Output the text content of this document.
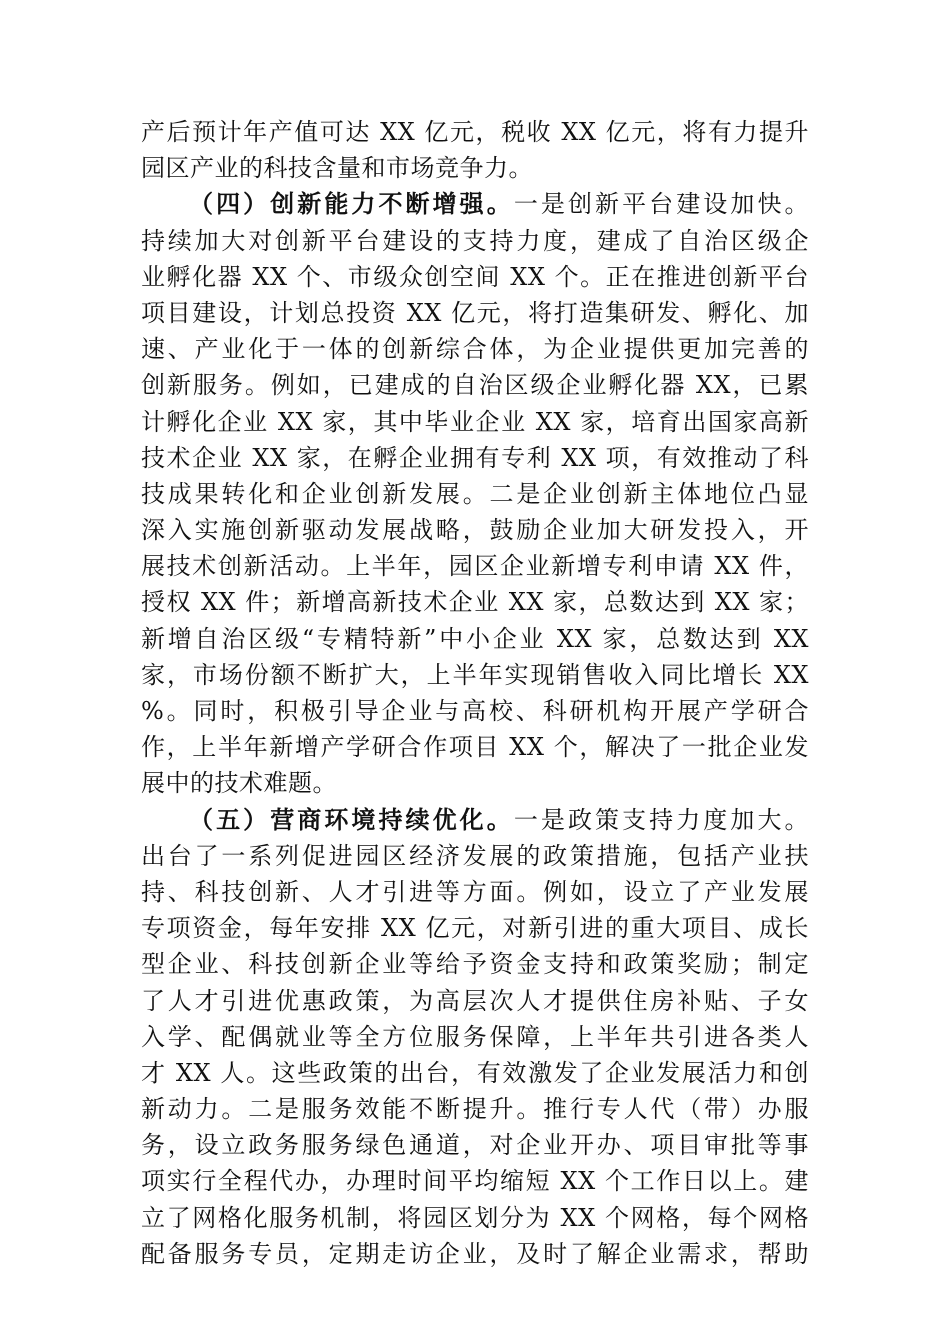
产后预计年产值可达 XX 亿元，税收 XX 亿元，将有力提升
园区产业的科技含量和市场竞争力。
（四）创新能力不断增强。一是创新平台建设加快。
持续加大对创新平台建设的支持力度，建成了自治区级企
业孵化器 XX 个、市级众创空间 XX 个。正在推进创新平台
项目建设，计划总投资 XX 亿元，将打造集研发、孵化、加
速、产业化于一体的创新综合体，为企业提供更加完善的
创新服务。例如，已建成的自治区级企业孵化器 XX，已累
计孵化企业 XX 家，其中毕业企业 XX 家，培育出国家高新
技术企业 XX 家，在孵企业拥有专利 XX 项，有效推动了科
技成果转化和企业创新发展。二是企业创新主体地位凸显
深入实施创新驱动发展战略，鼓励企业加大研发投入，开
展技术创新活动。上半年，园区企业新增专利申请 XX 件，
授权 XX 件；新增高新技术企业 XX 家，总数达到 XX 家；
新增自治区级“专精特新”中小企业 XX 家，总数达到 XX
家，市场份额不断扩大，上半年实现销售收入同比增长 XX
%。同时，积极引导企业与高校、科研机构开展产学研合
作，上半年新增产学研合作项目 XX 个，解决了一批企业发
展中的技术难题。
（五）营商环境持续优化。一是政策支持力度加大。
出台了一系列促进园区经济发展的政策措施，包括产业扶
持、科技创新、人才引进等方面。例如，设立了产业发展
专项资金，每年安排 XX 亿元，对新引进的重大项目、成长
型企业、科技创新企业等给予资金支持和政策奖励；制定
了人才引进优惠政策，为高层次人才提供住房补贴、子女
入学、配偶就业等全方位服务保障，上半年共引进各类人
才 XX 人。这些政策的出台，有效激发了企业发展活力和创
新动力。二是服务效能不断提升。推行专人代（带）办服
务，设立政务服务绿色通道，对企业开办、项目审批等事
项实行全程代办，办理时间平均缩短 XX 个工作日以上。建
立了网格化服务机制，将园区划分为 XX 个网格，每个网格
配备服务专员，定期走访企业，及时了解企业需求，帮助
